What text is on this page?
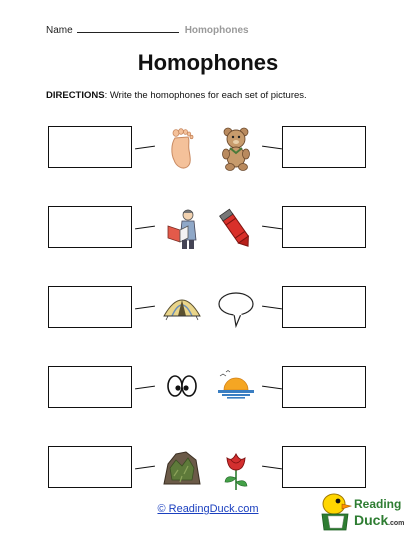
Name	Homophones
Homophones
DIRECTIONS: Write the homophones for each set of pictures.
© ReadingDuck.com	Reading
Duck .com
